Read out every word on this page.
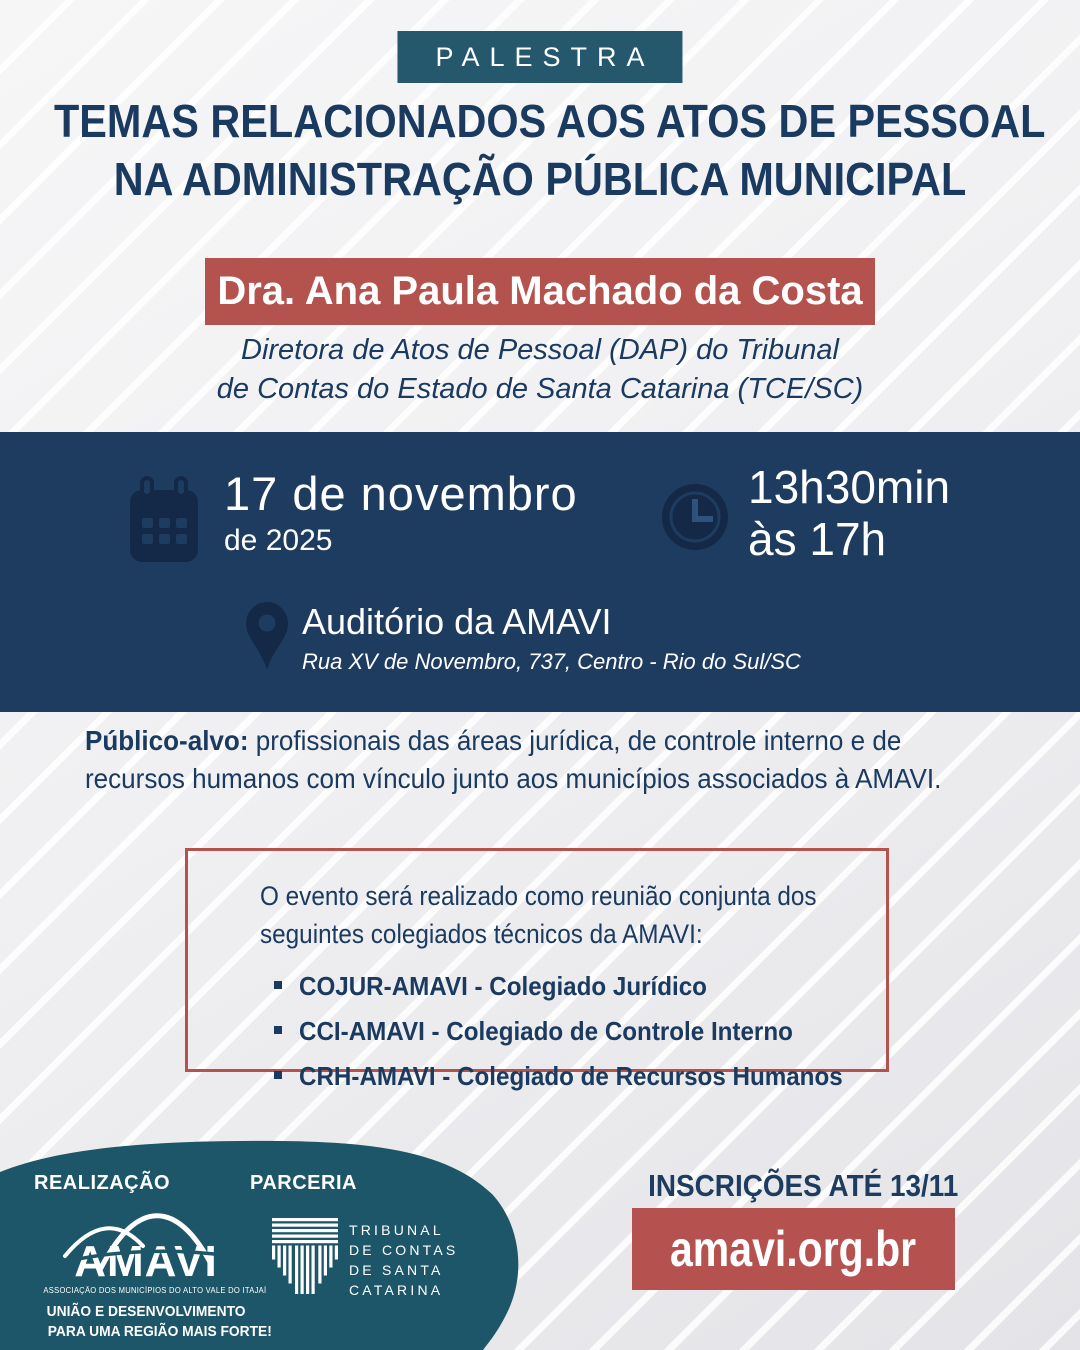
PALESTRA
TEMAS RELACIONADOS AOS ATOS DE PESSOAL
NA ADMINISTRAÇÃO PÚBLICA MUNICIPAL
Dra. Ana Paula Machado da Costa
Diretora de Atos de Pessoal (DAP) do Tribunal
de Contas do Estado de Santa Catarina (TCE/SC)
17 de novembro
de 2025
13h30min
às 17h
Auditório da AMAVI
Rua XV de Novembro, 737, Centro - Rio do Sul/SC
Público-alvo: profissionais das áreas jurídica, de controle interno e de
recursos humanos com vínculo junto aos municípios associados à AMAVI.
O evento será realizado como reunião conjunta dos
seguintes colegiados técnicos da AMAVI:
COJUR-AMAVI - Colegiado Jurídico
CCI-AMAVI - Colegiado de Controle Interno
CRH-AMAVI - Colegiado de Recursos Humanos
REALIZAÇÃO	PARCERIA
AMAVI
ASSOCIAÇÃO DOS MUNICÍPIOS DO ALTO VALE DO ITAJAÍ
UNIÃO E DESENVOLVIMENTO
PARA UMA REGIÃO MAIS FORTE!
TRIBUNAL
DE CONTAS
DE SANTA
CATARINA
INSCRIÇÕES ATÉ 13/11
amavi.org.br
